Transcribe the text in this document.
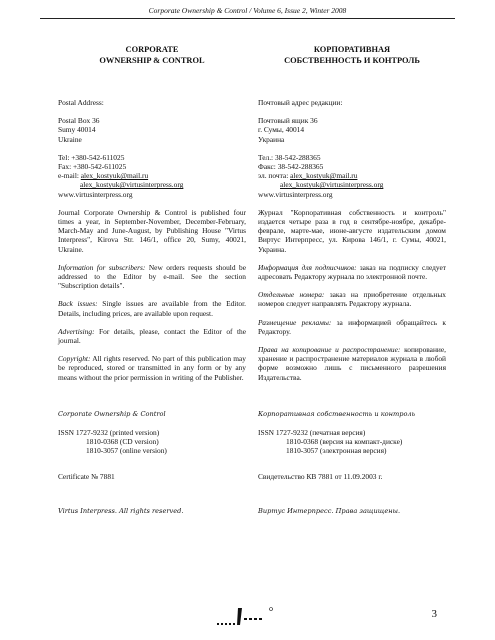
Corporate Ownership & Control / Volume 6, Issue 2, Winter 2008
CORPORATE
OWNERSHIP & CONTROL
Postal Address:
Postal Box 36
Sumy 40014
Ukraine
Tel: +380-542-611025
Fax: +380-542-611025
e-mail: alex_kostyuk@mail.ru
alex_kostyuk@virtusinterpress.org
www.virtusinterpress.org
Journal Corporate Ownership & Control is published four times a year, in September-November, December-February, March-May and June-August, by Publishing House "Virtus Interpress", Kirova Str. 146/1, office 20, Sumy, 40021, Ukraine.
Information for subscribers: New orders requests should be addressed to the Editor by e-mail. See the section "Subscription details".
Back issues: Single issues are available from the Editor. Details, including prices, are available upon request.
Advertising: For details, please, contact the Editor of the journal.
Copyright: All rights reserved. No part of this publication may be reproduced, stored or transmitted in any form or by any means without the prior permission in writing of the Publisher.
Corporate Ownership & Control
ISSN 1727-9232 (printed version)
1810-0368 (CD version)
1810-3057 (online version)
Certificate № 7881
Virtus Interpress. All rights reserved.
КОРПОРАТИВНАЯ
СОБСТВЕННОСТЬ И КОНТРОЛЬ
Почтовый адрес редакции:
Почтовый ящик 36
г. Сумы, 40014
Украина
Тел.: 38-542-288365
Факс: 38-542-288365
эл. почта: alex_kostyuk@mail.ru
alex_kostyuk@virtusinterpress.org
www.virtusinterpress.org
Журнал "Корпоративная собственность и контроль" издается четыре раза в год в сентябре-ноябре, декабре-феврале, марте-мае, июне-августе издательским домом Виртус Интерпресс, ул. Кирова 146/1, г. Сумы, 40021, Украина.
Информация для подписчиков: заказ на подписку следует адресовать Редактору журнала по электронной почте.
Отдельные номера: заказ на приобретение отдельных номеров следует направлять Редактору журнала.
Размещение рекламы: за информацией обращайтесь к Редактору.
Права на копирование и распространение: копирование, хранение и распространение материалов журнала в любой форме возможно лишь с письменного разрешения Издательства.
Корпоративная собственность и контроль
ISSN 1727-9232 (печатная версия)
1810-0368 (версия на компакт-диске)
1810-3057 (электронная версия)
Свидетельство КВ 7881 от 11.09.2003 г.
Виртус Интерпресс. Права защищены.
3
